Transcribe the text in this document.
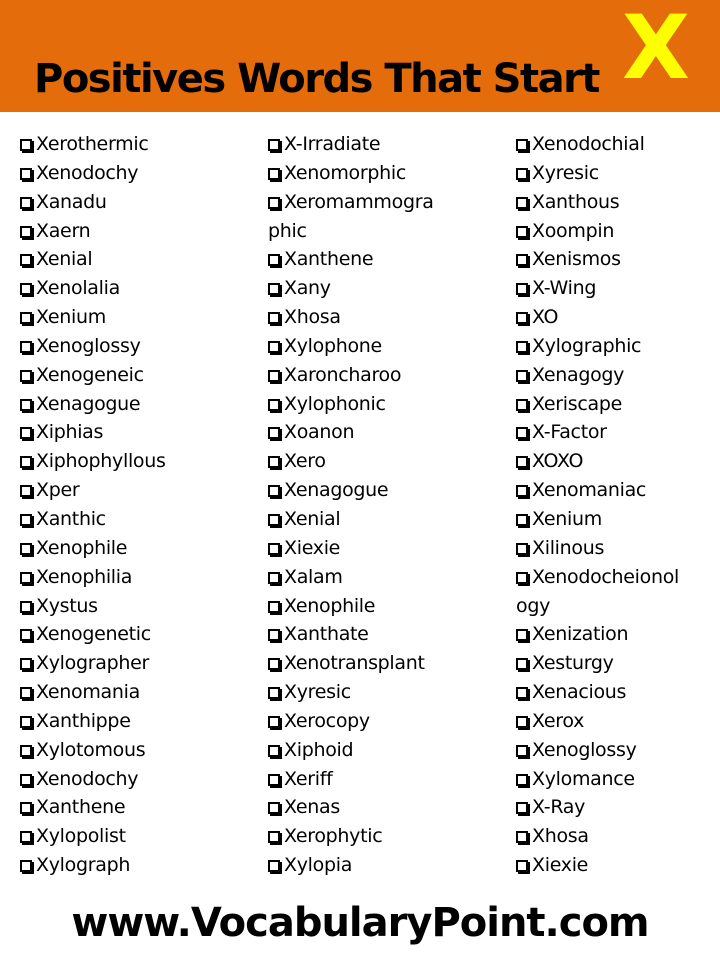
Positives Words That Start X
Xerothermic
Xenodochy
Xanadu
Xaern
Xenial
Xenolalia
Xenium
Xenoglossy
Xenogeneic
Xenagogue
Xiphias
Xiphophyllous
Xper
Xanthic
Xenophile
Xenophilia
Xystus
Xenogenetic
Xylographer
Xenomania
Xanthippe
Xylotomous
Xenodochy
Xanthene
Xylopolist
Xylograph
X-Irradiate
Xenomorphic
Xeromammogra
phic
Xanthene
Xany
Xhosa
Xylophone
Xaroncharoo
Xylophonic
Xoanon
Xero
Xenagogue
Xenial
Xiexie
Xalam
Xenophile
Xanthate
Xenotransplant
Xyresic
Xerocopy
Xiphoid
Xeriff
Xenas
Xerophytic
Xylopia
Xenodochial
Xyresic
Xanthous
Xoompin
Xenismos
X-Wing
XO
Xylographic
Xenagogy
Xeriscape
X-Factor
XOXO
Xenomaniac
Xenium
Xilinous
Xenodocheionol
ogy
Xenization
Xesturgy
Xenacious
Xerox
Xenoglossy
Xylomance
X-Ray
Xhosa
Xiexie
www.VocabularyPoint.com
